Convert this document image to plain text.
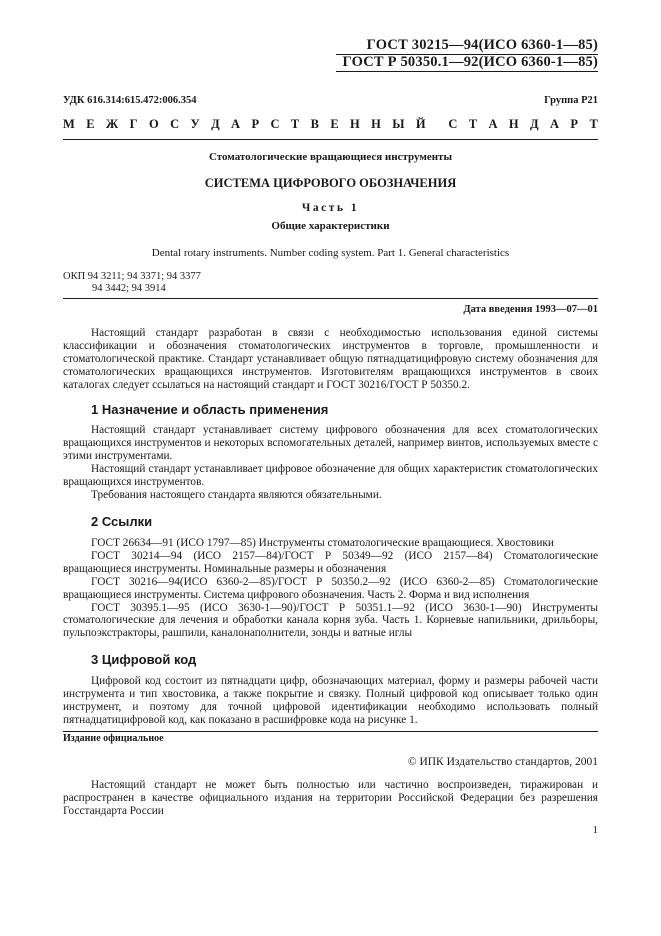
ГОСТ 30215—94(ИСО 6360-1—85)
ГОСТ Р 50350.1—92(ИСО 6360-1—85)
УДК 616.314:615.472:006.354	Группа Р21
М Е Ж Г О С У Д А Р С Т В Е Н Н Ы Й С Т А Н Д А Р Т
Стоматологические вращающиеся инструменты
СИСТЕМА ЦИФРОВОГО ОБОЗНАЧЕНИЯ
Часть 1
Общие характеристики
Dental rotary instruments. Number coding system. Part 1. General characteristics
ОКП 94 3211; 94 3371; 94 3377
94 3442; 94 3914
Дата введения 1993—07—01

Настоящий стандарт разработан в связи с необходимостью использования единой системы классификации и обозначения стоматологических инструментов в торговле, промышленности и стоматологической практике. Стандарт устанавливает общую пятнадцатицифровую систему обозначения для стоматологических вращающихся инструментов. Изготовителям вращающихся инструментов в своих каталогах следует ссылаться на настоящий стандарт и ГОСТ 30216/ГОСТ Р 50350.2.

1 Назначение и область применения

Настоящий стандарт устанавливает систему цифрового обозначения для всех стоматологических вращающихся инструментов и некоторых вспомогательных деталей, например винтов, используемых вместе с этими инструментами.

Настоящий стандарт устанавливает цифровое обозначение для общих характеристик стоматологических вращающихся инструментов.

Требования настоящего стандарта являются обязательными.

2 Ссылки

ГОСТ 26634—91 (ИСО 1797—85) Инструменты стоматологические вращающиеся. Хвостовики

ГОСТ 30214—94 (ИСО 2157—84)/ГОСТ Р 50349—92 (ИСО 2157—84) Стоматологические вращающиеся инструменты. Номинальные размеры и обозначения

ГОСТ 30216—94(ИСО 6360-2—85)/ГОСТ Р 50350.2—92 (ИСО 6360-2—85) Стоматологические вращающиеся инструменты. Система цифрового обозначения. Часть 2. Форма и вид исполнения

ГОСТ 30395.1—95 (ИСО 3630-1—90)/ГОСТ Р 50351.1—92 (ИСО 3630-1—90) Инструменты стоматологические для лечения и обработки канала корня зуба. Часть 1. Корневые напильники, дрильборы, пульпоэкстракторы, рашпили, каналонаполнители, зонды и ватные иглы

3 Цифровой код

Цифровой код состоит из пятнадцати цифр, обозначающих материал, форму и размеры рабочей части инструмента и тип хвостовика, а также покрытие и связку. Полный цифровой код описывает только один инструмент, и поэтому для точной цифровой идентификации необходимо использовать полный пятнадцатицифровой код, как показано в расшифровке кода на рисунке 1.

Издание официальное
© ИПК Издательство стандартов, 2001

Настоящий стандарт не может быть полностью или частично воспроизведен, тиражирован и распространен в качестве официального издания на территории Российской Федерации без разрешения Госстандарта России

1
